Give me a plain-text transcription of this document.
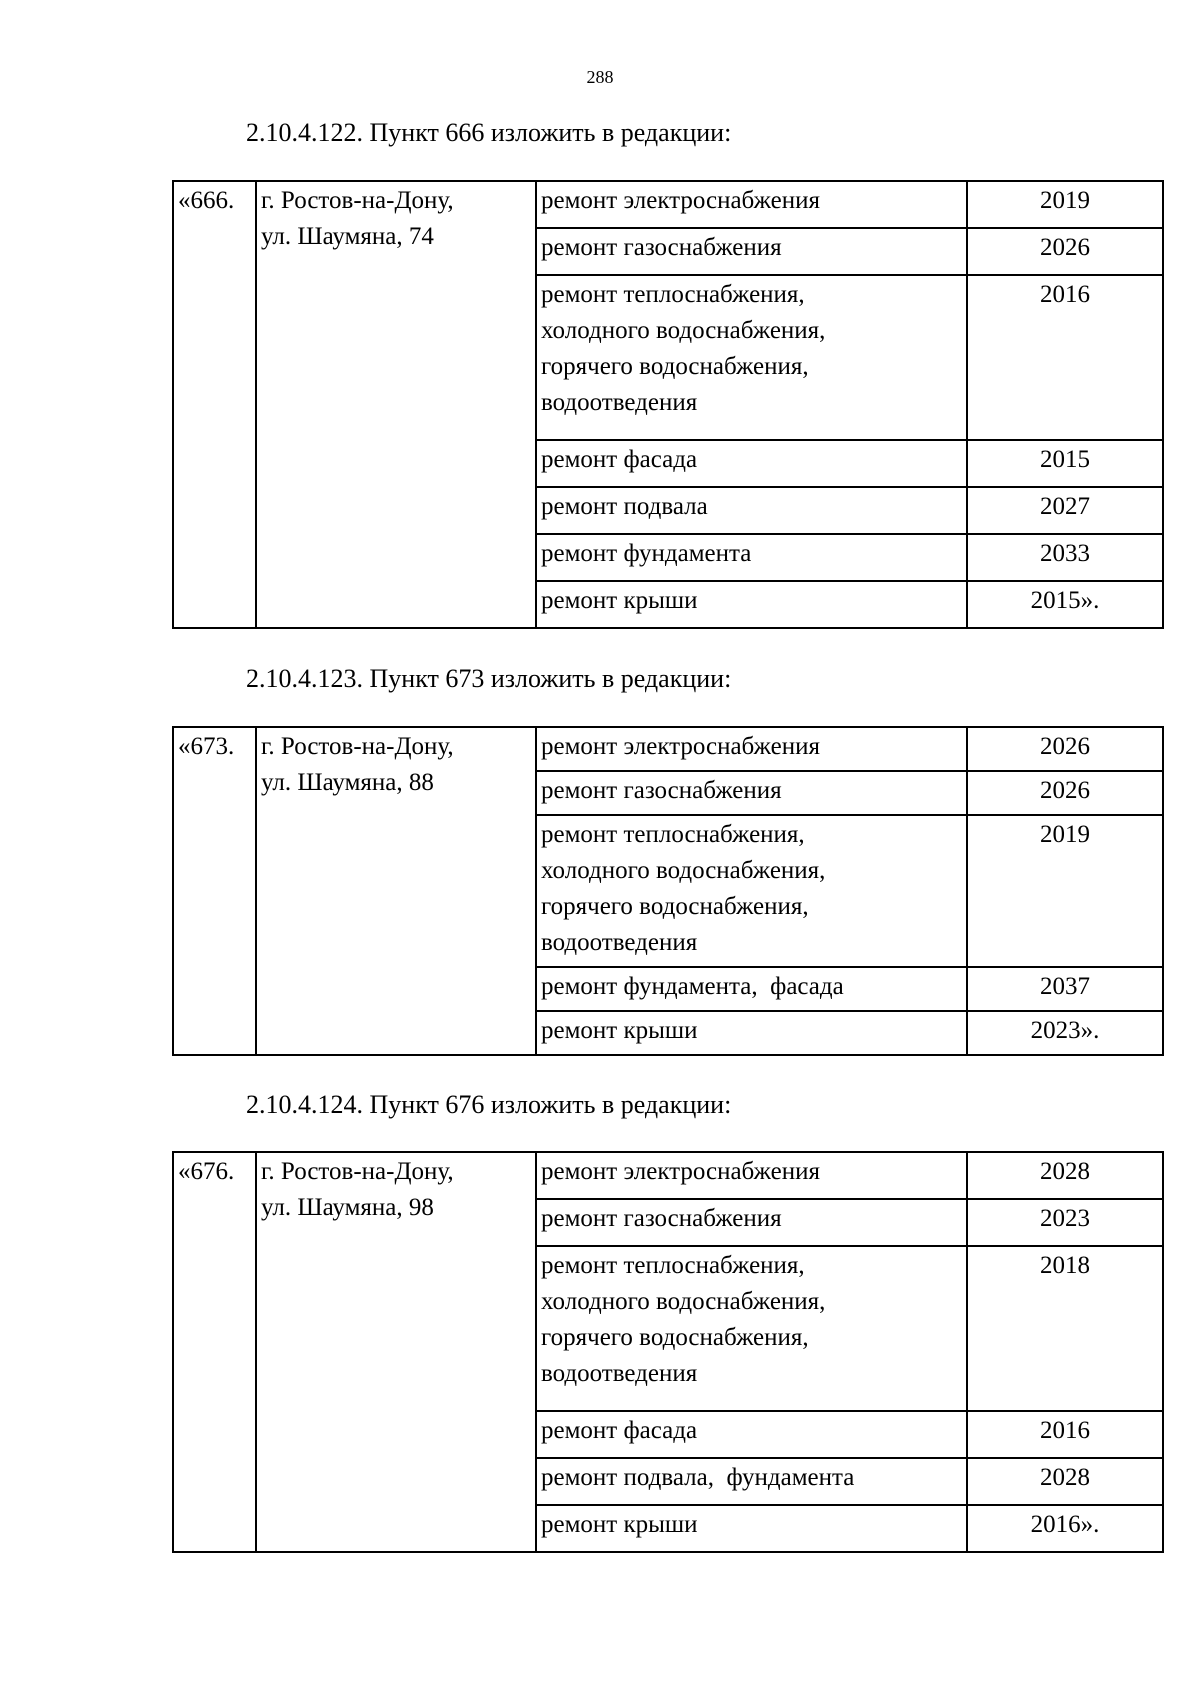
288
2.10.4.122. Пункт 666 изложить в редакции:
«666.	г. Ростов-на-Дону,
ул. Шаумяна, 74	ремонт электроснабжения	2019
		ремонт газоснабжения	2026
		ремонт теплоснабжения, холодного водоснабжения, горячего водоснабжения, водоотведения	2016
		ремонт фасада	2015
		ремонт подвала	2027
		ремонт фундамента	2033
		ремонт крыши	2015».
2.10.4.123. Пункт 673 изложить в редакции:
«673.	г. Ростов-на-Дону,
ул. Шаумяна, 88	ремонт электроснабжения	2026
		ремонт газоснабжения	2026
		ремонт теплоснабжения, холодного водоснабжения, горячего водоснабжения, водоотведения	2019
		ремонт фундамента,  фасада	2037
		ремонт крыши	2023».
2.10.4.124. Пункт 676 изложить в редакции:
«676.	г. Ростов-на-Дону,
ул. Шаумяна, 98	ремонт электроснабжения	2028
		ремонт газоснабжения	2023
		ремонт теплоснабжения, холодного водоснабжения, горячего водоснабжения, водоотведения	2018
		ремонт фасада	2016
		ремонт подвала,  фундамента	2028
		ремонт крыши	2016».
